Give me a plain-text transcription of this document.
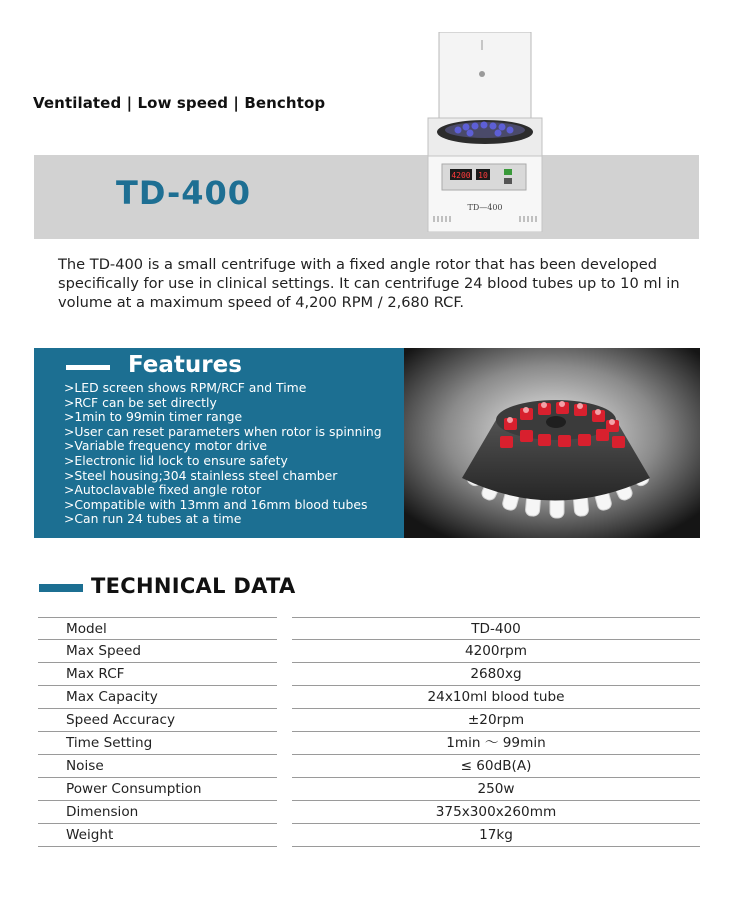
Ventilated | Low speed | Benchtop
TD-400	4200 10
TD—400

The TD-400 is a small centrifuge with a fixed angle rotor that has been developed specifically for use in clinical settings. It can centrifuge 24 blood tubes up to 10 ml in volume at a maximum speed of 4,200 RPM / 2,680 RCF.

Features
>LED screen shows RPM/RCF and Time
>RCF can be set directly
>1min to 99min timer range
>User can reset parameters when rotor is spinning
>Variable frequency motor drive
>Electronic lid lock to ensure safety
>Steel housing;304 stainless steel chamber
>Autoclavable fixed angle rotor
>Compatible with 13mm and 16mm blood tubes
>Can run 24 tubes at a time
TECHNICAL DATA
Model	TD-400
Max Speed	4200rpm
Max RCF	2680xg
Max Capacity	24x10ml blood tube
Speed Accuracy	±20rpm
Time Setting	1min ～ 99min
Noise	≤ 60dB(A)
Power Consumption	250w
Dimension	375x300x260mm
Weight	17kg
